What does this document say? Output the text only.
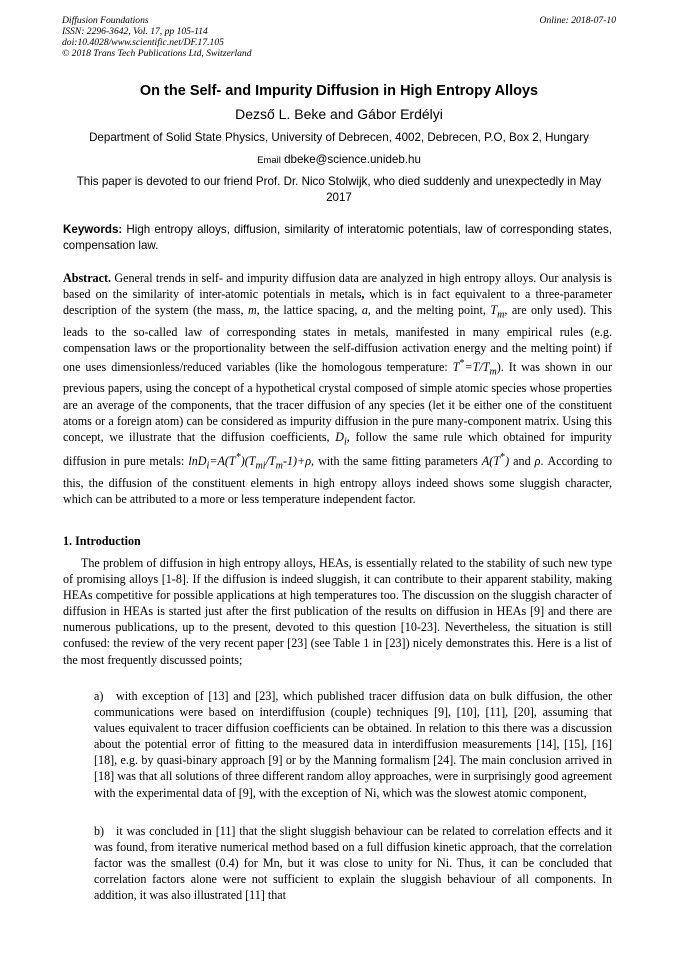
Diffusion Foundations
ISSN: 2296-3642, Vol. 17, pp 105-114
doi:10.4028/www.scientific.net/DF.17.105
© 2018 Trans Tech Publications Ltd, Switzerland
Online: 2018-07-10
On the Self- and Impurity Diffusion in High Entropy Alloys
Dezső L. Beke and Gábor Erdélyi
Department of Solid State Physics, University of Debrecen, 4002, Debrecen, P.O, Box 2, Hungary
Email dbeke@science.unideb.hu
This paper is devoted to our friend Prof. Dr. Nico Stolwijk, who died suddenly and unexpectedly in May 2017
Keywords: High entropy alloys, diffusion, similarity of interatomic potentials, law of corresponding states, compensation law.
Abstract. General trends in self- and impurity diffusion data are analyzed in high entropy alloys. Our analysis is based on the similarity of inter-atomic potentials in metals, which is in fact equivalent to a three-parameter description of the system (the mass, m, the lattice spacing, a, and the melting point, $T_m$, are only used). This leads to the so-called law of corresponding states in metals, manifested in many empirical rules (e.g. compensation laws or the proportionality between the self-diffusion activation energy and the melting point) if one uses dimensionless/reduced variables (like the homologous temperature: $T^*=T/T_m$). It was shown in our previous papers, using the concept of a hypothetical crystal composed of simple atomic species whose properties are an average of the components, that the tracer diffusion of any species (let it be either one of the constituent atoms or a foreign atom) can be considered as impurity diffusion in the pure many-component matrix. Using this concept, we illustrate that the diffusion coefficients, $D_i$, follow the same rule which obtained for impurity diffusion in pure metals: $\ln D_i=A(T^*)(T_{mi}/T_m-1)+\rho$, with the same fitting parameters A(T*) and ρ. According to this, the diffusion of the constituent elements in high entropy alloys indeed shows some sluggish character, which can be attributed to a more or less temperature independent factor.
1. Introduction
The problem of diffusion in high entropy alloys, HEAs, is essentially related to the stability of such new type of promising alloys [1-8]. If the diffusion is indeed sluggish, it can contribute to their apparent stability, making HEAs competitive for possible applications at high temperatures too. The discussion on the sluggish character of diffusion in HEAs is started just after the first publication of the results on diffusion in HEAs [9] and there are numerous publications, up to the present, devoted to this question [10-23]. Nevertheless, the situation is still confused: the review of the very recent paper [23] (see Table 1 in [23]) nicely demonstrates this. Here is a list of the most frequently discussed points;
a) with exception of [13] and [23], which published tracer diffusion data on bulk diffusion, the other communications were based on interdiffusion (couple) techniques [9], [10], [11], [20], assuming that values equivalent to tracer diffusion coefficients can be obtained. In relation to this there was a discussion about the potential error of fitting to the measured data in interdiffusion measurements [14], [15], [16] [18], e.g. by quasi-binary approach [9] or by the Manning formalism [24]. The main conclusion arrived in [18] was that all solutions of three different random alloy approaches, were in surprisingly good agreement with the experimental data of [9], with the exception of Ni, which was the slowest atomic component,
b) it was concluded in [11] that the slight sluggish behaviour can be related to correlation effects and it was found, from iterative numerical method based on a full diffusion kinetic approach, that the correlation factor was the smallest (0.4) for Mn, but it was close to unity for Ni. Thus, it can be concluded that correlation factors alone were not sufficient to explain the sluggish behaviour of all components. In addition, it was also illustrated [11] that
